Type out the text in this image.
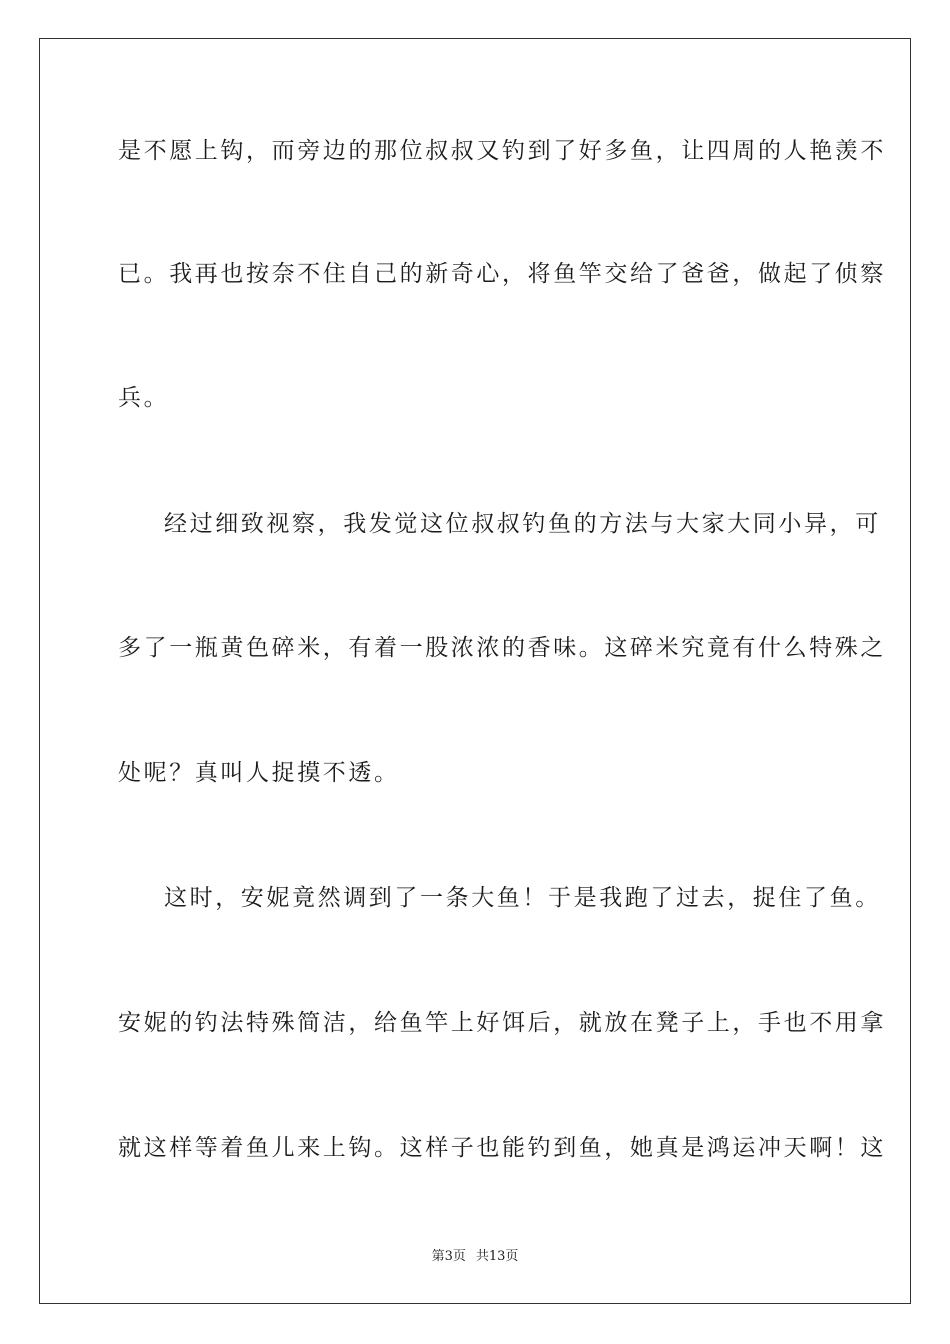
是不愿上钩，而旁边的那位叔叔又钓到了好多鱼，让四周的人艳羡不
已。我再也按奈不住自己的新奇心，将鱼竿交给了爸爸，做起了侦察
兵。
经过细致视察，我发觉这位叔叔钓鱼的方法与大家大同小异，可
多了一瓶黄色碎米，有着一股浓浓的香味。这碎米究竟有什么特殊之
处呢？真叫人捉摸不透。
这时，安妮竟然调到了一条大鱼！于是我跑了过去，捉住了鱼。
安妮的钓法特殊简洁，给鱼竿上好饵后，就放在凳子上，手也不用拿
就这样等着鱼儿来上钩。这样子也能钓到鱼，她真是鸿运冲天啊！这
第3页 共13页
